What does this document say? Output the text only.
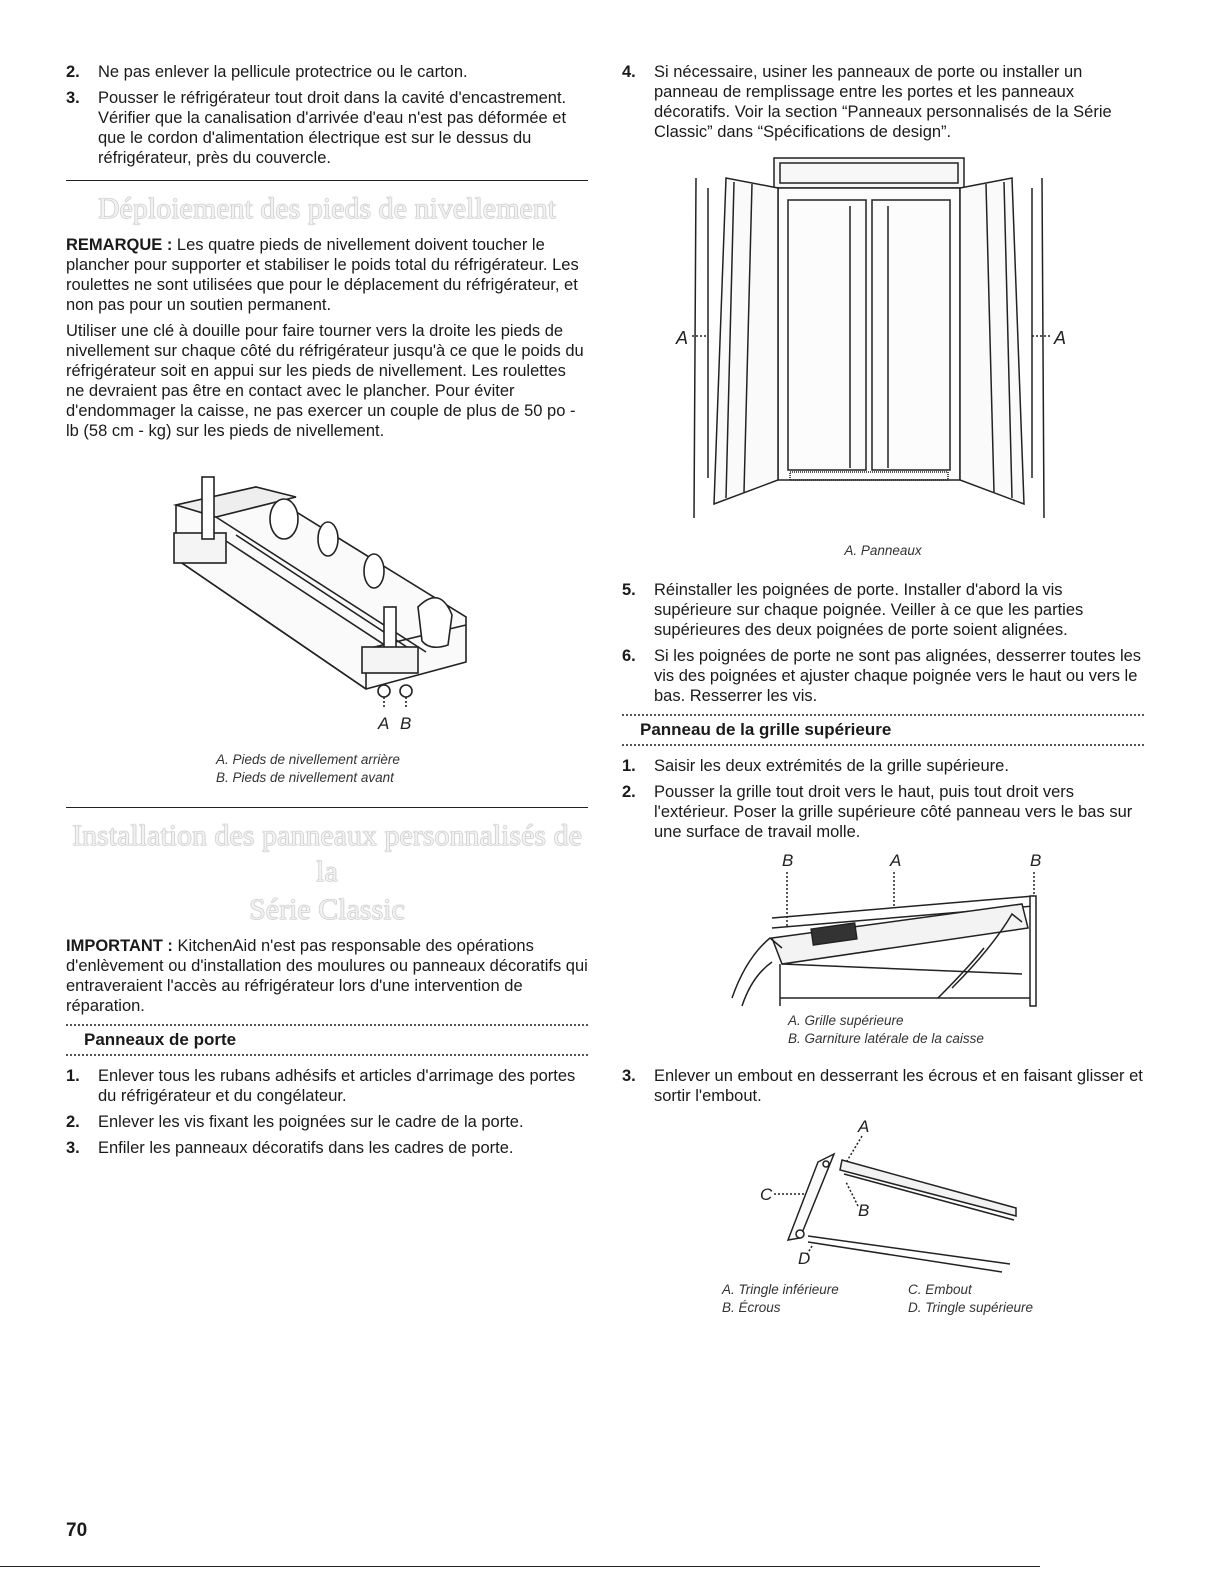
2. Ne pas enlever la pellicule protectrice ou le carton.

3. Pousser le réfrigérateur tout droit dans la cavité d'encastrement. Vérifier que la canalisation d'arrivée d'eau n'est pas déformée et que le cordon d'alimentation électrique est sur le dessus du réfrigérateur, près du couvercle.

Déploiement des pieds de nivellement

REMARQUE : Les quatre pieds de nivellement doivent toucher le plancher pour supporter et stabiliser le poids total du réfrigérateur. Les roulettes ne sont utilisées que pour le déplacement du réfrigérateur, et non pas pour un soutien permanent.

Utiliser une clé à douille pour faire tourner vers la droite les pieds de nivellement sur chaque côté du réfrigérateur jusqu'à ce que le poids du réfrigérateur soit en appui sur les pieds de nivellement. Les roulettes ne devraient pas être en contact avec le plancher. Pour éviter d'endommager la caisse, ne pas exercer un couple de plus de 50 po - lb (58 cm - kg) sur les pieds de nivellement.

A B
A. Pieds de nivellement arrière
B. Pieds de nivellement avant
Installation des panneaux personnalisés de la
Série Classic

IMPORTANT : KitchenAid n'est pas responsable des opérations d'enlèvement ou d'installation des moulures ou panneaux décoratifs qui entraveraient l'accès au réfrigérateur lors d'une intervention de réparation.

Panneaux de porte
1. Enlever tous les rubans adhésifs et articles d'arrimage des portes du réfrigérateur et du congélateur.

2. Enlever les vis fixant les poignées sur le cadre de la porte.

3. Enfiler les panneaux décoratifs dans les cadres de porte.

4. Si nécessaire, usiner les panneaux de porte ou installer un panneau de remplissage entre les portes et les panneaux décoratifs. Voir la section “Panneaux personnalisés de la Série Classic” dans “Spécifications de design”.

A	A
A. Panneaux
5. Réinstaller les poignées de porte. Installer d'abord la vis supérieure sur chaque poignée. Veiller à ce que les parties supérieures des deux poignées de porte soient alignées.

6. Si les poignées de porte ne sont pas alignées, desserrer toutes les vis des poignées et ajuster chaque poignée vers le haut ou vers le bas. Resserrer les vis.

Panneau de la grille supérieure
1. Saisir les deux extrémités de la grille supérieure.

2. Pousser la grille tout droit vers le haut, puis tout droit vers l'extérieur. Poser la grille supérieure côté panneau vers le bas sur une surface de travail molle.

B	A	B
A. Grille supérieure
B. Garniture latérale de la caisse
3. Enlever un embout en desserrant les écrous et en faisant glisser et sortir l'embout.

A
C
B
D
A. Tringle inférieure
B. Écrous
C. Embout
D. Tringle supérieure
70
